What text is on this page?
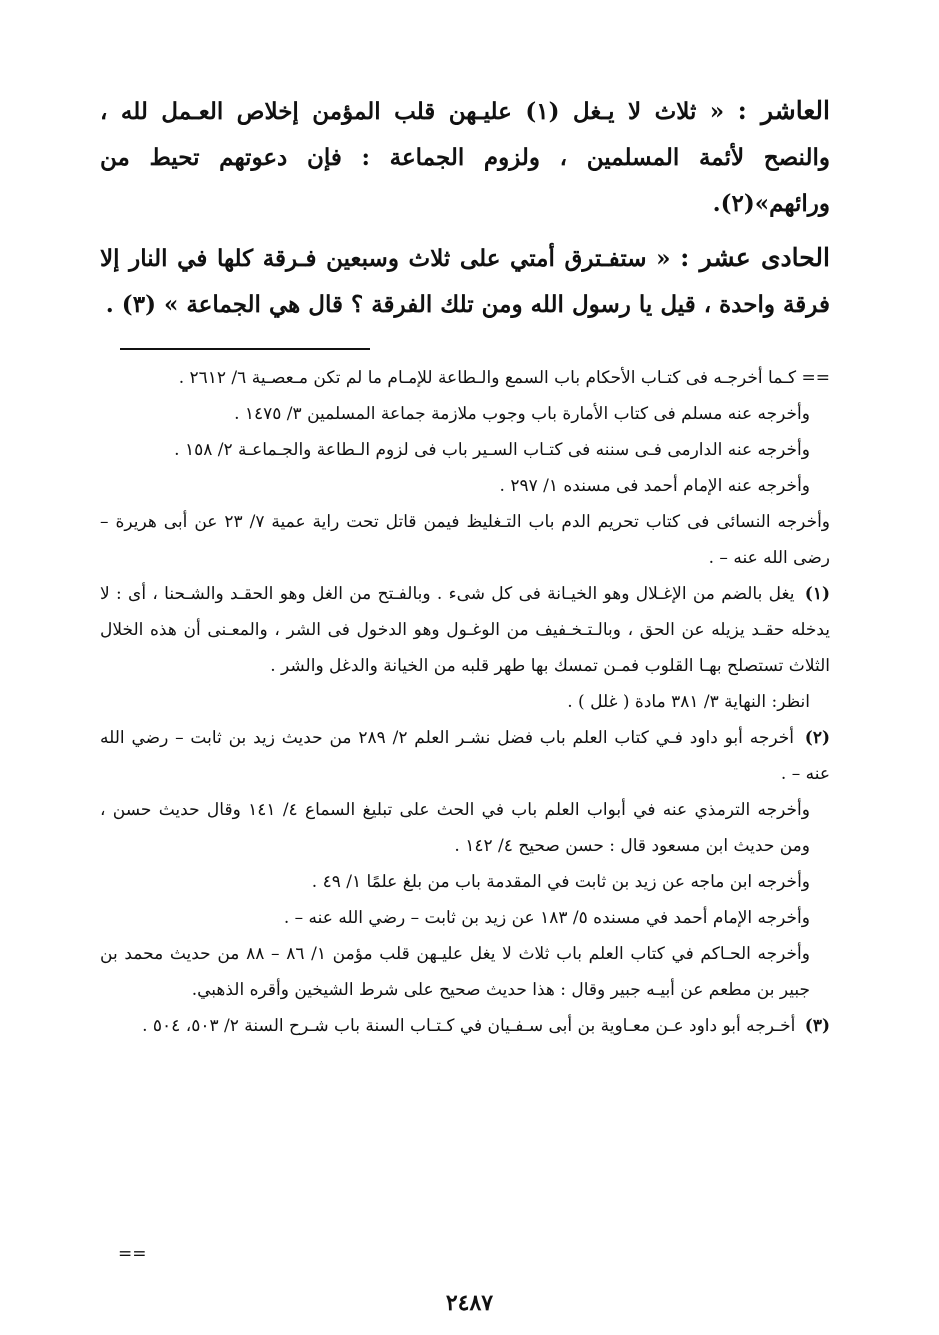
العاشر : « ثلاث لا يـغل (١) عليـهن قلب المؤمن إخلاص العـمل لله ، والنصح لأئمة المسلمين ، ولزوم الجماعة : فإن دعوتهم تحيط من ورائهم»(٢).

الحادى عشر : « ستفـترق أمتي على ثلاث وسبعين فـرقة كلها في النار إلا فرقة واحدة ، قيل يا رسول الله ومن تلك الفرقة ؟ قال هي الجماعة » (٣) .

== كـما أخرجـه فى كتـاب الأحكام باب السمع والـطاعة للإمـام ما لم تكن مـعصـية ٦/ ٢٦١٢ .

وأخرجه عنه مسلم فى كتاب الأمارة باب وجوب ملازمة جماعة المسلمين ٣/ ١٤٧٥ .

وأخرجه عنه الدارمى فـى سننه فى كتـاب السـير باب فى لزوم الـطاعة والجـماعـة ٢/ ١٥٨ .

وأخرجه عنه الإمام أحمد فى مسنده ١/ ٢٩٧ .

وأخرجه النسائى فى كتاب تحريم الدم باب التـغليظ فيمن قاتل تحت راية عمية ٧/ ٢٣ عن أبى هريرة – رضى الله عنه – .

(١) يغل بالضم من الإغـلال وهو الخيـانة فى كل شىء . وبالفـتح من الغل وهو الحقـد والشـحنا ، أى : لا يدخله حقـد يزيله عن الحق ، وبالـتـخـفيف من الوغـول وهو الدخول فى الشر ، والمعـنى أن هذه الخلال الثلاث تستصلح بهـا القلوب فمـن تمسك بها طهر قلبه من الخيانة والدغل والشر .

انظر: النهاية ٣/ ٣٨١ مادة ( غلل ) .

(٢) أخرجه أبو داود فـي كتاب العلم باب فضل نشـر العلم ٢/ ٢٨٩ من حديث زيد بن ثابت – رضي الله عنه – .

وأخرجه الترمذي عنه في أبواب العلم باب في الحث على تبليغ السماع ٤/ ١٤١ وقال حديث حسن ، ومن حديث ابن مسعود قال : حسن صحيح ٤/ ١٤٢ .

وأخرجه ابن ماجه عن زيد بن ثابت في المقدمة باب من بلغ علمًا ١/ ٤٩ .

وأخرجه الإمام أحمد في مسنده ٥/ ١٨٣ عن زيد بن ثابت – رضي الله عنه – .

وأخرجه الحـاكم في كتاب العلم باب ثلاث لا يغل عليـهن قلب مؤمن ١/ ٨٦ – ٨٨ من حديث محمد بن جبير بن مطعم عن أبيـه جبير وقال : هذا حديث صحيح على شرط الشيخين وأقره الذهبي.

(٣) أخـرجه أبو داود عـن معـاوية بن أبى سـفـيان في كـتـاب السنة باب شـرح السنة ٢/ ٥٠٣، ٥٠٤ .

==
٢٤٨٧
